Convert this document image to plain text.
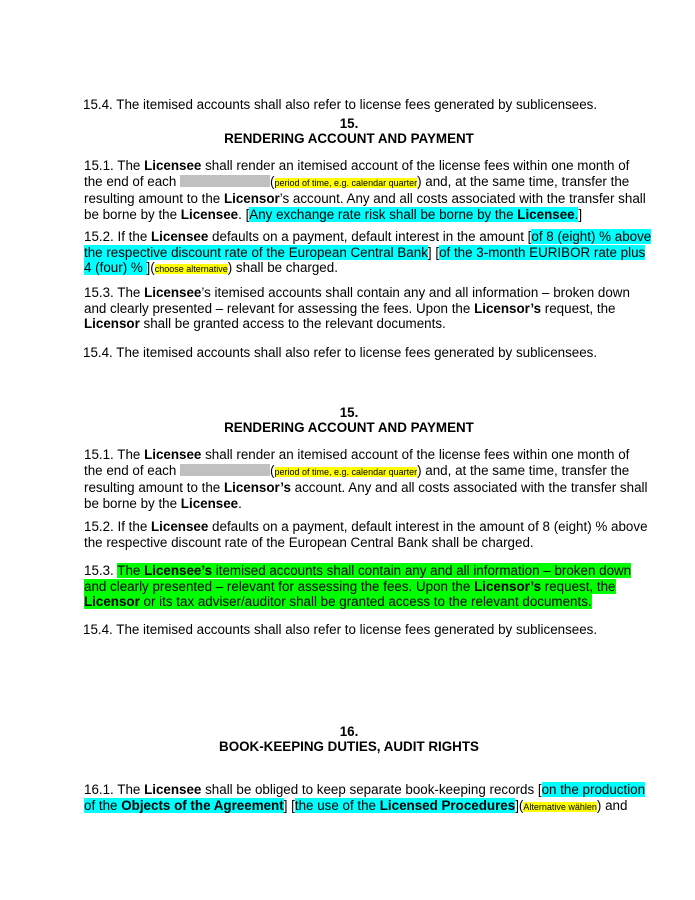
15.4. The itemised accounts shall also refer to license fees generated by sublicensees.

15.

RENDERING ACCOUNT AND PAYMENT

15.1. The Licensee shall render an itemised account of the license fees within one month of
the end of each	(period of time, e.g. calendar quarter) and, at the same time, transfer the
resulting amount to the Licensor’s account. Any and all costs associated with the transfer shall
be borne by the Licensee. [Any exchange rate risk shall be borne by the Licensee.]
15.2. If the Licensee defaults on a payment, default interest in the amount [of 8 (eight) % above
the respective discount rate of the European Central Bank] [of the 3-month EURIBOR rate plus
4 (four) % ](choose alternative) shall be charged.
15.3. The Licensee’s itemised accounts shall contain any and all information – broken down
and clearly presented – relevant for assessing the fees. Upon the Licensor’s request, the
Licensor shall be granted access to the relevant documents.

15.4. The itemised accounts shall also refer to license fees generated by sublicensees.

15.

RENDERING ACCOUNT AND PAYMENT

15.1. The Licensee shall render an itemised account of the license fees within one month of
the end of each	(period of time, e.g. calendar quarter) and, at the same time, transfer the
resulting amount to the Licensor’s account. Any and all costs associated with the transfer shall
be borne by the Licensee.
15.2. If the Licensee defaults on a payment, default interest in the amount of 8 (eight) % above
the respective discount rate of the European Central Bank shall be charged.
15.3. The Licensee’s itemised accounts shall contain any and all information – broken down
and clearly presented – relevant for assessing the fees. Upon the Licensor’s request, the
Licensor or its tax adviser/auditor shall be granted access to the relevant documents.

15.4. The itemised accounts shall also refer to license fees generated by sublicensees.

16.

BOOK-KEEPING DUTIES, AUDIT RIGHTS

16.1. The Licensee shall be obliged to keep separate book-keeping records [on the production
of the Objects of the Agreement] [the use of the Licensed Procedures](Alternative wählen) and
